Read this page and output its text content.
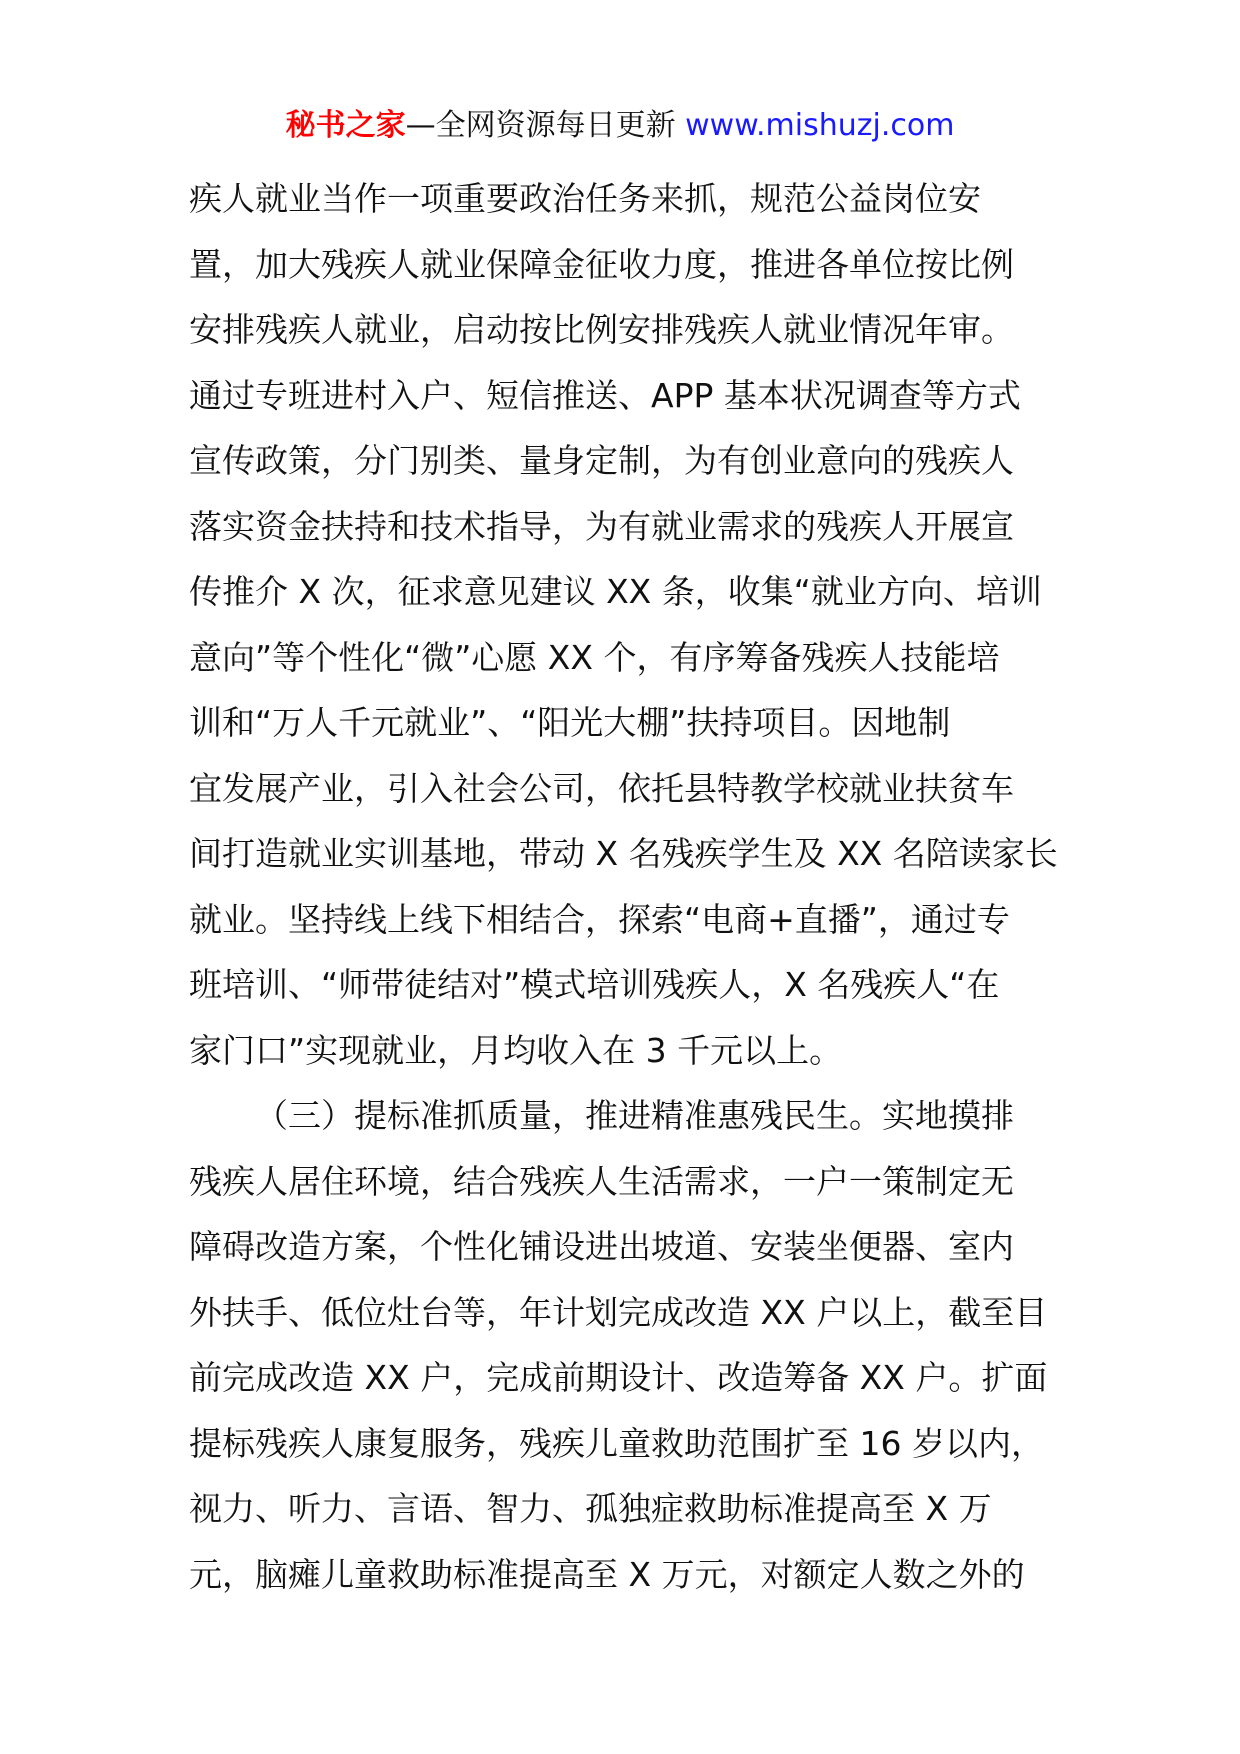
秘书之家—全网资源每日更新 www.mishuzj.com
疾人就业当作一项重要政治任务来抓，规范公益岗位安
置，加大残疾人就业保障金征收力度，推进各单位按比例
安排残疾人就业，启动按比例安排残疾人就业情况年审。
通过专班进村入户、短信推送、APP 基本状况调查等方式
宣传政策，分门别类、量身定制，为有创业意向的残疾人
落实资金扶持和技术指导，为有就业需求的残疾人开展宣
传推介 X 次，征求意见建议 XX 条，收集“就业方向、培训
意向”等个性化“微”心愿 XX 个，有序筹备残疾人技能培
训和“万人千元就业”、“阳光大棚”扶持项目。因地制
宜发展产业，引入社会公司，依托县特教学校就业扶贫车
间打造就业实训基地，带动 X 名残疾学生及 XX 名陪读家长
就业。坚持线上线下相结合，探索“电商+直播”，通过专
班培训、“师带徒结对”模式培训残疾人，X 名残疾人“在
家门口”实现就业，月均收入在 3 千元以上。
（三）提标准抓质量，推进精准惠残民生。实地摸排
残疾人居住环境，结合残疾人生活需求，一户一策制定无
障碍改造方案，个性化铺设进出坡道、安装坐便器、室内
外扶手、低位灶台等，年计划完成改造 XX 户以上，截至目
前完成改造 XX 户，完成前期设计、改造筹备 XX 户。扩面
提标残疾人康复服务，残疾儿童救助范围扩至 16 岁以内，
视力、听力、言语、智力、孤独症救助标准提高至 X 万
元，脑瘫儿童救助标准提高至 X 万元，对额定人数之外的
